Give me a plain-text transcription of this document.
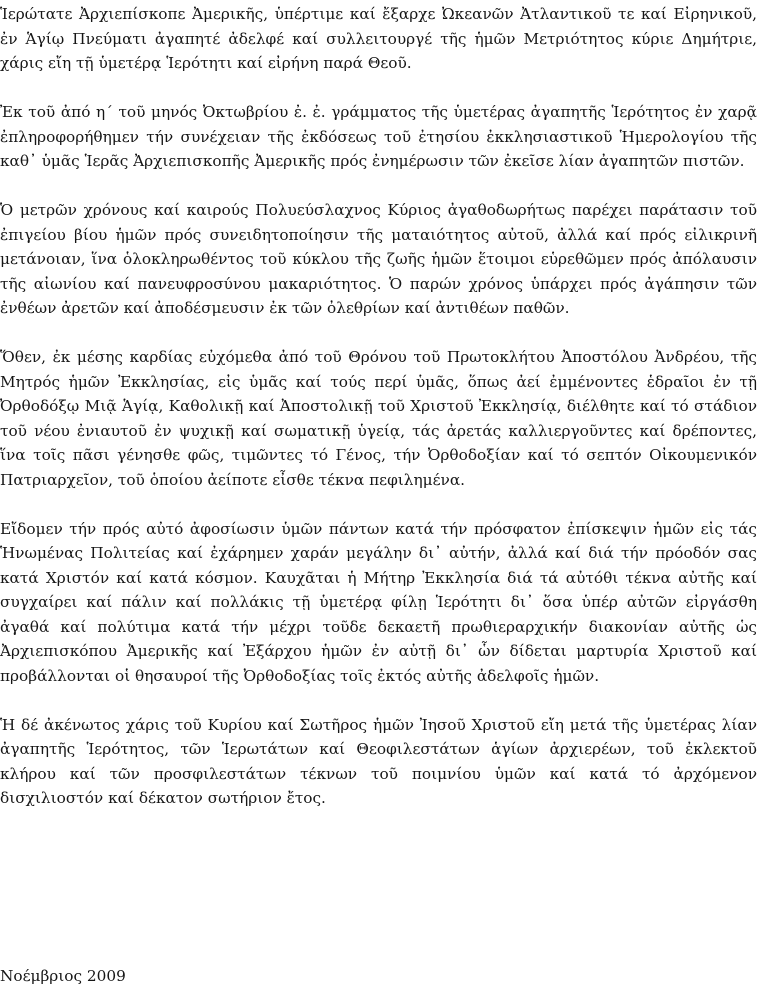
Ἱερώτατε Ἀρχιεπίσκοπε Ἀμερικῆς, ὑπέρτιμε καί ἔξαρχε Ὠκεανῶν Ἀτλαντικοῦ τε καί Εἰρηνικοῦ, ἐν Ἁγίῳ Πνεύματι ἀγαπητέ ἀδελφέ καί συλλειτουργέ τῆς ἡμῶν Μετριότητος κύριε Δημήτριε, χάρις εἴη τῇ ὑμετέρᾳ Ἱερότητι καί εἰρήνη παρά Θεοῦ.

Ἐκ τοῦ ἀπό η΄ τοῦ μηνός Ὀκτωβρίου ἐ. ἐ. γράμματος τῆς ὑμετέρας ἀγαπητῆς Ἱερότητος ἐν χαρᾷ ἐπληροφορήθημεν τήν συνέχειαν τῆς ἐκδόσεως τοῦ ἐτησίου ἐκκλησιαστικοῦ Ἡμερολογίου τῆς καθ᾽ ὑμᾶς Ἱερᾶς Ἀρχιεπισκοπῆς Ἀμερικῆς πρός ἐνημέρωσιν τῶν ἐκεῖσε λίαν ἀγαπητῶν πιστῶν.

Ὁ μετρῶν χρόνους καί καιρούς Πολυεύσλαχνος Κύριος ἀγαθοδωρήτως παρέχει παράτασιν τοῦ ἐπιγείου βίου ἡμῶν πρός συνειδητοποίησιν τῆς ματαιότητος αὐτοῦ, ἀλλά καί πρός εἰλικρινῆ μετάνοιαν, ἵνα ὁλοκληρωθέντος τοῦ κύκλου τῆς ζωῆς ἡμῶν ἕτοιμοι εὑρεθῶμεν πρός ἀπόλαυσιν τῆς αἰωνίου καί πανευφροσύνου μακαριότητος. Ὁ παρών χρόνος ὑπάρχει πρός ἀγάπησιν τῶν ἐνθέων ἀρετῶν καί ἀποδέσμευσιν ἐκ τῶν ὀλεθρίων καί ἀντιθέων παθῶν.

Ὅθεν, ἐκ μέσης καρδίας εὐχόμεθα ἀπό τοῦ Θρόνου τοῦ Πρωτοκλήτου Ἀποστόλου Ἀνδρέου, τῆς Μητρός ἡμῶν Ἐκκλησίας, εἰς ὑμᾶς καί τούς περί ὑμᾶς, ὅπως ἀεί ἐμμένοντες ἑδραῖοι ἐν τῇ Ὀρθοδόξῳ Μιᾷ Ἁγίᾳ, Καθολικῇ καί Ἀποστολικῇ τοῦ Χριστοῦ Ἐκκλησίᾳ, διέλθητε καί τό στάδιον τοῦ νέου ἐνιαυτοῦ ἐν ψυχικῇ καί σωματικῇ ὑγείᾳ, τάς ἀρετάς καλλιεργοῦντες καί δρέποντες, ἵνα τοῖς πᾶσι γένησθε φῶς, τιμῶντες τό Γένος, τήν Ὀρθοδοξίαν καί τό σεπτόν Οἰκουμενικόν Πατριαρχεῖον, τοῦ ὁποίου ἀείποτε εἶσθε τέκνα πεφιλημένα.

Εἴδομεν τήν πρός αὐτό ἀφοσίωσιν ὑμῶν πάντων κατά τήν πρόσφατον ἐπίσκεψιν ἡμῶν εἰς τάς Ἡνωμένας Πολιτείας καί ἐχάρημεν χαράν μεγάλην δι᾽ αὐτήν, ἀλλά καί διά τήν πρόοδόν σας κατά Χριστόν καί κατά κόσμον. Καυχᾶται ἡ Μήτηρ Ἐκκλησία διά τά αὐτόθι τέκνα αὐτῆς καί συγχαίρει καί πάλιν καί πολλάκις τῇ ὑμετέρᾳ φίλῃ Ἱερότητι δι᾽ ὅσα ὑπέρ αὐτῶν εἰργάσθη ἀγαθά καί πολύτιμα κατά τήν μέχρι τοῦδε δεκαετῆ πρωθιεραρχικήν διακονίαν αὐτῆς ὡς Ἀρχιεπισκόπου Ἀμερικῆς καί Ἐξάρχου ἡμῶν ἐν αὐτῇ δι᾽ ὧν δίδεται μαρτυρία Χριστοῦ καί προβάλλονται οἱ θησαυροί τῆς Ὀρθοδοξίας τοῖς ἐκτός αὐτῆς ἀδελφοῖς ἡμῶν.

Ἡ δέ ἀκένωτος χάρις τοῦ Κυρίου καί Σωτῆρος ἡμῶν Ἰησοῦ Χριστοῦ εἴη μετά τῆς ὑμετέρας λίαν ἀγαπητῆς Ἱερότητος, τῶν Ἱερωτάτων καί Θεοφιλεστάτων ἁγίων ἀρχιερέων, τοῦ ἐκλεκτοῦ κλήρου καί τῶν προσφιλεστάτων τέκνων τοῦ ποιμνίου ὑμῶν καί κατά τό ἀρχόμενον δισχιλιοστόν καί δέκατον σωτήριον ἔτος.

Νοέμβριος 2009
